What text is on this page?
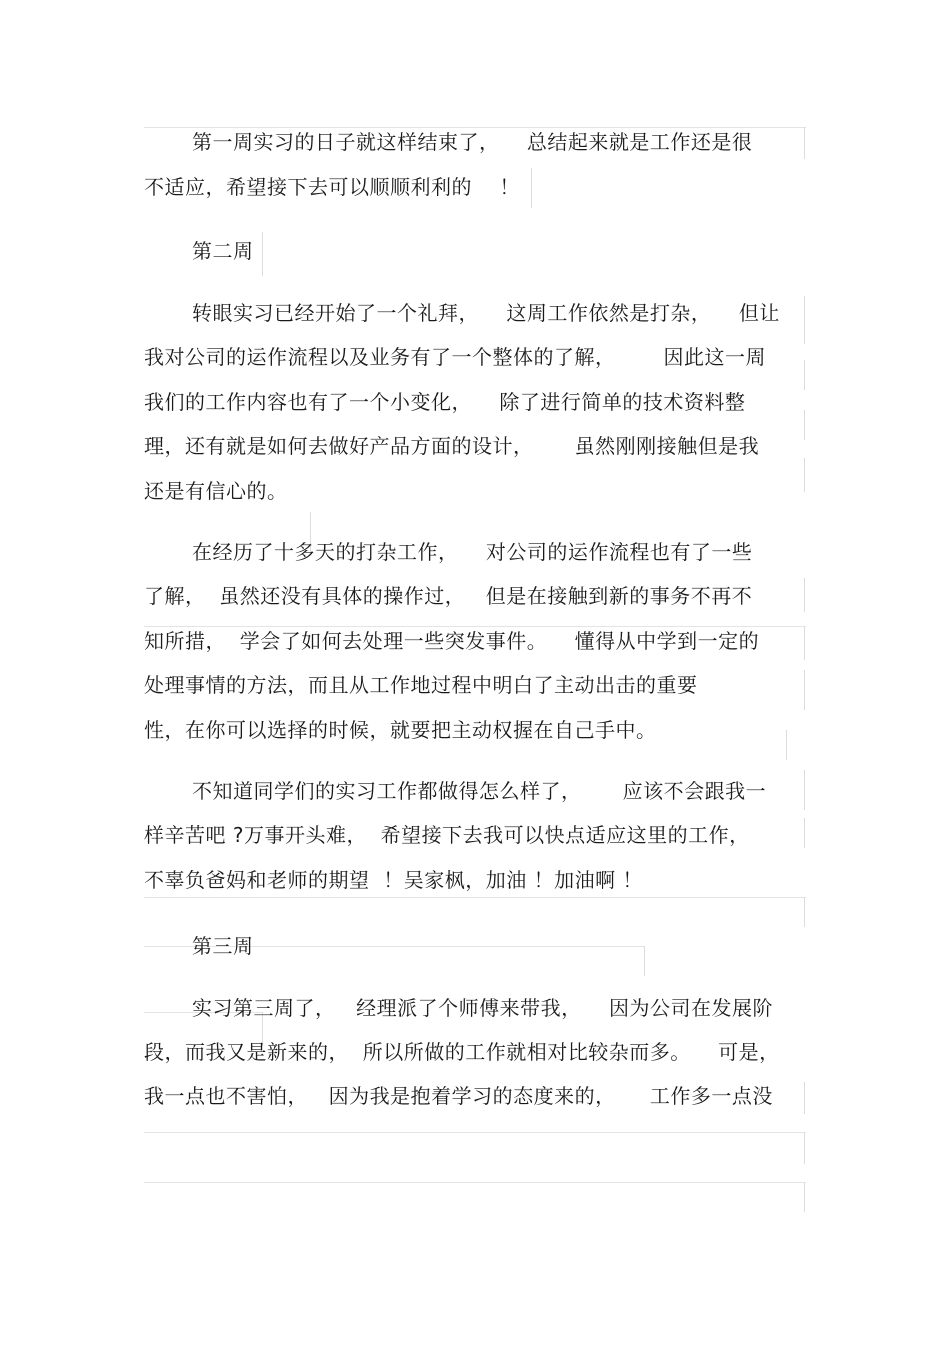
第一周实习的日子就这样结束了，    总结起来就是工作还是很
不适应，希望接下去可以顺顺利利的    ！
第二周
转眼实习已经开始了一个礼拜，    这周工作依然是打杂，    但让
我对公司的运作流程以及业务有了一个整体的了解，       因此这一周
我们的工作内容也有了一个小变化，    除了进行简单的技术资料整
理，还有就是如何去做好产品方面的设计，      虽然刚刚接触但是我
还是有信心的。
在经历了十多天的打杂工作，    对公司的运作流程也有了一些
了解，  虽然还没有具体的操作过，   但是在接触到新的事务不再不
知所措，  学会了如何去处理一些突发事件。    懂得从中学到一定的
处理事情的方法，而且从工作地过程中明白了主动出击的重要
性，在你可以选择的时候，就要把主动权握在自己手中。
不知道同学们的实习工作都做得怎么样了，      应该不会跟我一
样辛苦吧 ?万事开头难，  希望接下去我可以快点适应这里的工作，
不辜负爸妈和老师的期望  ！吴家枫，加油 ！加油啊 ！
第三周
实习第三周了，   经理派了个师傅来带我，    因为公司在发展阶
段，而我又是新来的，  所以所做的工作就相对比较杂而多。    可是，
我一点也不害怕，   因为我是抱着学习的态度来的，     工作多一点没
